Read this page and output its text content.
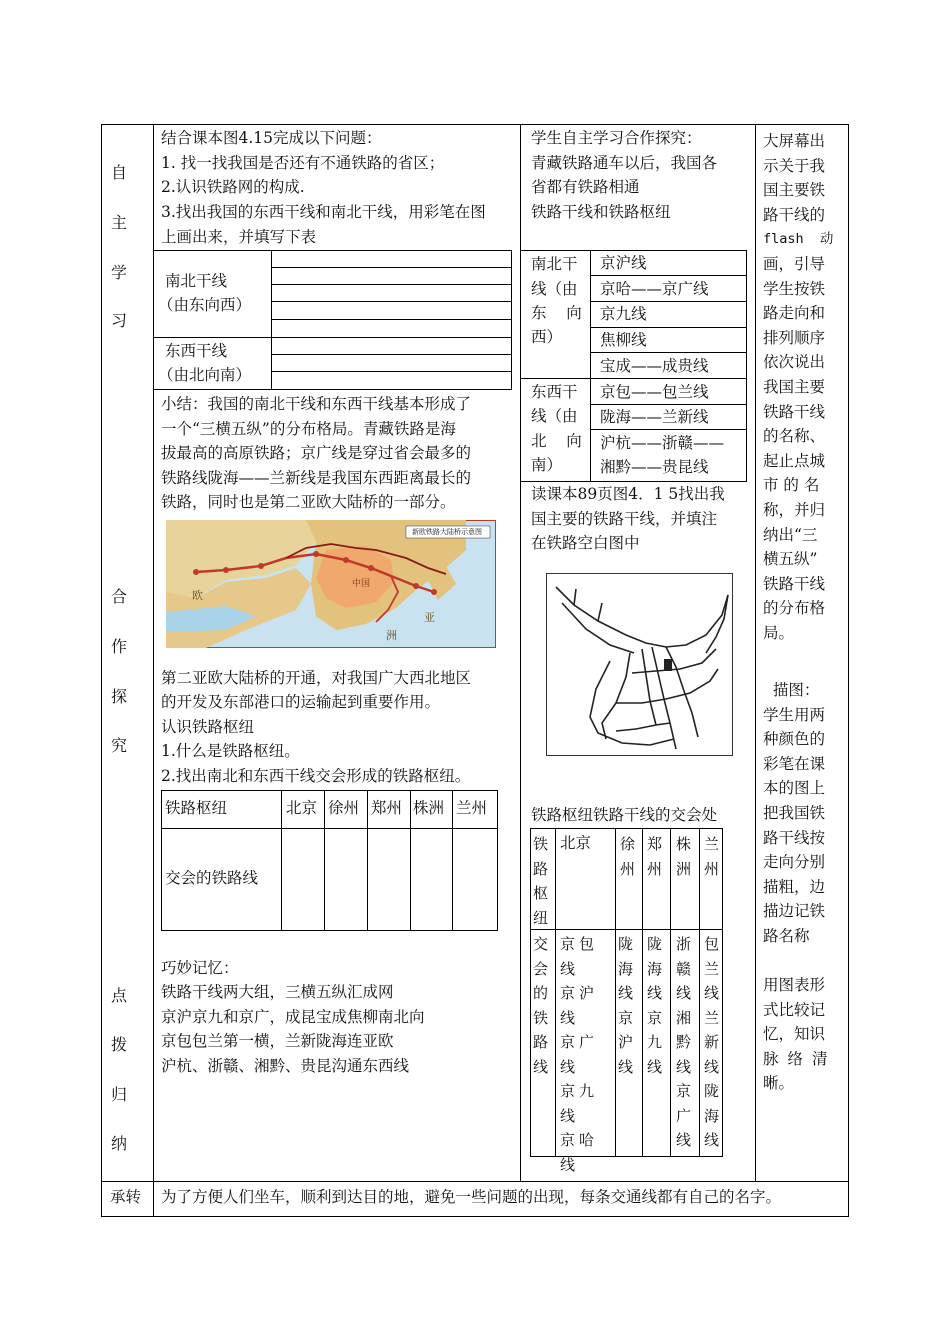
自
主
学
习
合
作
探
究
点
拨
归
纳
承转
结合课本图4.15完成以下问题：
1. 找一找我国是否还有不通铁路的省区；
2.认识铁路网的构成.
3.找出我国的东西干线和南北干线，用彩笔在图
上画出来，并填写下表
南北干线
（由东向西）
东西干线
（由北向南）
小结：我国的南北干线和东西干线基本形成了
一个“三横五纵”的分布格局。青藏铁路是海
拔最高的高原铁路；京广线是穿过省会最多的
铁路线陇海——兰新线是我国东西距离最长的
铁路，同时也是第二亚欧大陆桥的一部分。
新欧铁路大陆桥示意图
欧
亚
洲
中国
第二亚欧大陆桥的开通，对我国广大西北地区
的开发及东部港口的运输起到重要作用。
认识铁路枢纽
1.什么是铁路枢纽。
2.找出南北和东西干线交会形成的铁路枢纽。
铁路枢纽	北京 徐州 郑州 株洲 兰州
交会的铁路线
巧妙记忆：
铁路干线两大组，三横五纵汇成网
京沪京九和京广，成昆宝成焦柳南北向
京包包兰第一横，兰新陇海连亚欧
沪杭、浙赣、湘黔、贵昆沟通东西线
学生自主学习合作探究：
青藏铁路通车以后，我国各
省都有铁路相通
铁路干线和铁路枢纽
南北干
线（由
东    向
西）
京沪线
京哈——京广线
京九线
焦柳线
宝成——成贵线
东西干
线（由
北    向
南）
京包——包兰线
陇海——兰新线
沪杭——浙赣——
湘黔——贵昆线
读课本89页图4．1 5找出我
国主要的铁路干线，并填注
在铁路空白图中
铁路枢纽铁路干线的交会处
铁
路
枢
纽
北京 徐
州
郑
州
株
洲
兰
州
交
会
的
铁
路
线
京包线
京沪线
京广线
京九线
京哈线
陇
海
线
京
沪
线
陇
海
线
京
九
线
浙
赣
线
湘
黔
线
京
广
线
包
兰
线
兰
新
线
陇
海
线
大屏幕出
示关于我
国主要铁
路干线的
flash  动
画，引导
学生按铁
路走向和
排列顺序
依次说出
我国主要
铁路干线
的名称、
起止点城
市 的 名
称，并归
纳出“三
横五纵”
铁路干线
的分布格
局。
描图：
学生用两
种颜色的
彩笔在课
本的图上
把我国铁
路干线按
走向分别
描粗，边
描边记铁
路名称
用图表形
式比较记
忆，知识
脉络清
晰。
为了方便人们坐车，顺利到达目的地，避免一些问题的出现，每条交通线都有自己的名字。
